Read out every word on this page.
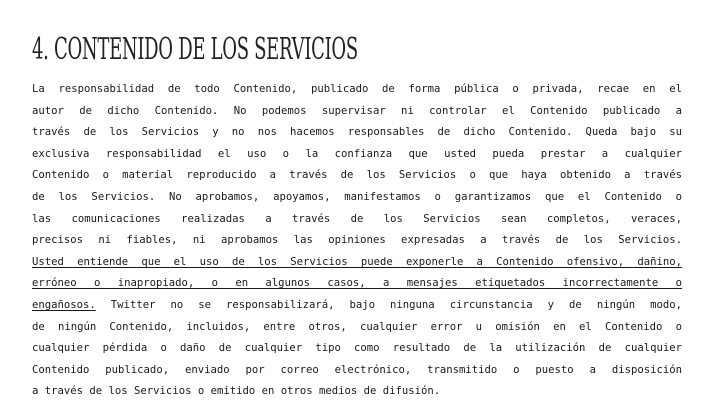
4. CONTENIDO DE LOS SERVICIOS
La responsabilidad de todo Contenido, publicado de forma pública o privada, recae en el
autor de dicho Contenido. No podemos supervisar ni controlar el Contenido publicado a
través de los Servicios y no nos hacemos responsables de dicho Contenido. Queda bajo su
exclusiva responsabilidad el uso o la confianza que usted pueda prestar a cualquier
Contenido o material reproducido a través de los Servicios o que haya obtenido a través
de los Servicios. No aprobamos, apoyamos, manifestamos o garantizamos que el Contenido o
las comunicaciones realizadas a través de los Servicios sean completos, veraces,
precisos ni fiables, ni aprobamos las opiniones expresadas a través de los Servicios.
Usted entiende que el uso de los Servicios puede exponerle a Contenido ofensivo, dañino,
erróneo o inapropiado, o en algunos casos, a mensajes etiquetados incorrectamente o
engañosos. Twitter no se responsabilizará, bajo ninguna circunstancia y de ningún modo,
de ningún Contenido, incluidos, entre otros, cualquier error u omisión en el Contenido o
cualquier pérdida o daño de cualquier tipo como resultado de la utilización de cualquier
Contenido publicado, enviado por correo electrónico, transmitido o puesto a disposición
a través de los Servicios o emitido en otros medios de difusión.
